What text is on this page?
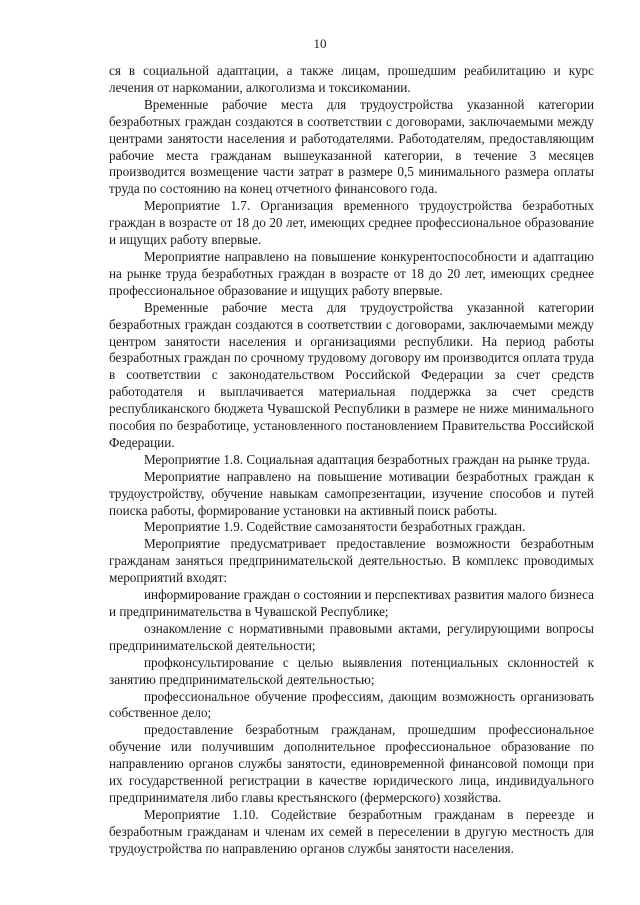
10

ся в социальной адаптации, а также лицам, прошедшим реабилитацию и курс лечения от наркомании, алкоголизма и токсикомании.

Временные рабочие места для трудоустройства указанной категории безработных граждан создаются в соответствии с договорами, заключаемыми между центрами занятости населения и работодателями. Работодателям, предоставляющим рабочие места гражданам вышеуказанной категории, в течение 3 месяцев производится возмещение части затрат в размере 0,5 минимального размера оплаты труда по состоянию на конец отчетного финансового года.

Мероприятие 1.7. Организация временного трудоустройства безработных граждан в возрасте от 18 до 20 лет, имеющих среднее профессиональное образование и ищущих работу впервые.

Мероприятие направлено на повышение конкурентоспособности и адаптацию на рынке труда безработных граждан в возрасте от 18 до 20 лет, имеющих среднее профессиональное образование и ищущих работу впервые.

Временные рабочие места для трудоустройства указанной категории безработных граждан создаются в соответствии с договорами, заключаемыми между центром занятости населения и организациями республики. На период работы безработных граждан по срочному трудовому договору им производится оплата труда в соответствии с законодательством Российской Федерации за счет средств работодателя и выплачивается материальная поддержка за счет средств республиканского бюджета Чувашской Республики в размере не ниже минимального пособия по безработице, установленного постановлением Правительства Российской Федерации.

Мероприятие 1.8. Социальная адаптация безработных граждан на рынке труда.

Мероприятие направлено на повышение мотивации безработных граждан к трудоустройству, обучение навыкам самопрезентации, изучение способов и путей поиска работы, формирование установки на активный поиск работы.

Мероприятие 1.9. Содействие самозанятости безработных граждан.

Мероприятие предусматривает предоставление возможности безработным гражданам заняться предпринимательской деятельностью. В комплекс проводимых мероприятий входят:

информирование граждан о состоянии и перспективах развития малого бизнеса и предпринимательства в Чувашской Республике;

ознакомление с нормативными правовыми актами, регулирующими вопросы предпринимательской деятельности;

профконсультирование с целью выявления потенциальных склонностей к занятию предпринимательской деятельностью;

профессиональное обучение профессиям, дающим возможность организовать собственное дело;

предоставление безработным гражданам, прошедшим профессиональное обучение или получившим дополнительное профессиональное образование по направлению органов службы занятости, единовременной финансовой помощи при их государственной регистрации в качестве юридического лица, индивидуального предпринимателя либо главы крестьянского (фермерского) хозяйства.

Мероприятие 1.10. Содействие безработным гражданам в переезде и безработным гражданам и членам их семей в переселении в другую местность для трудоустройства по направлению органов службы занятости населения.
